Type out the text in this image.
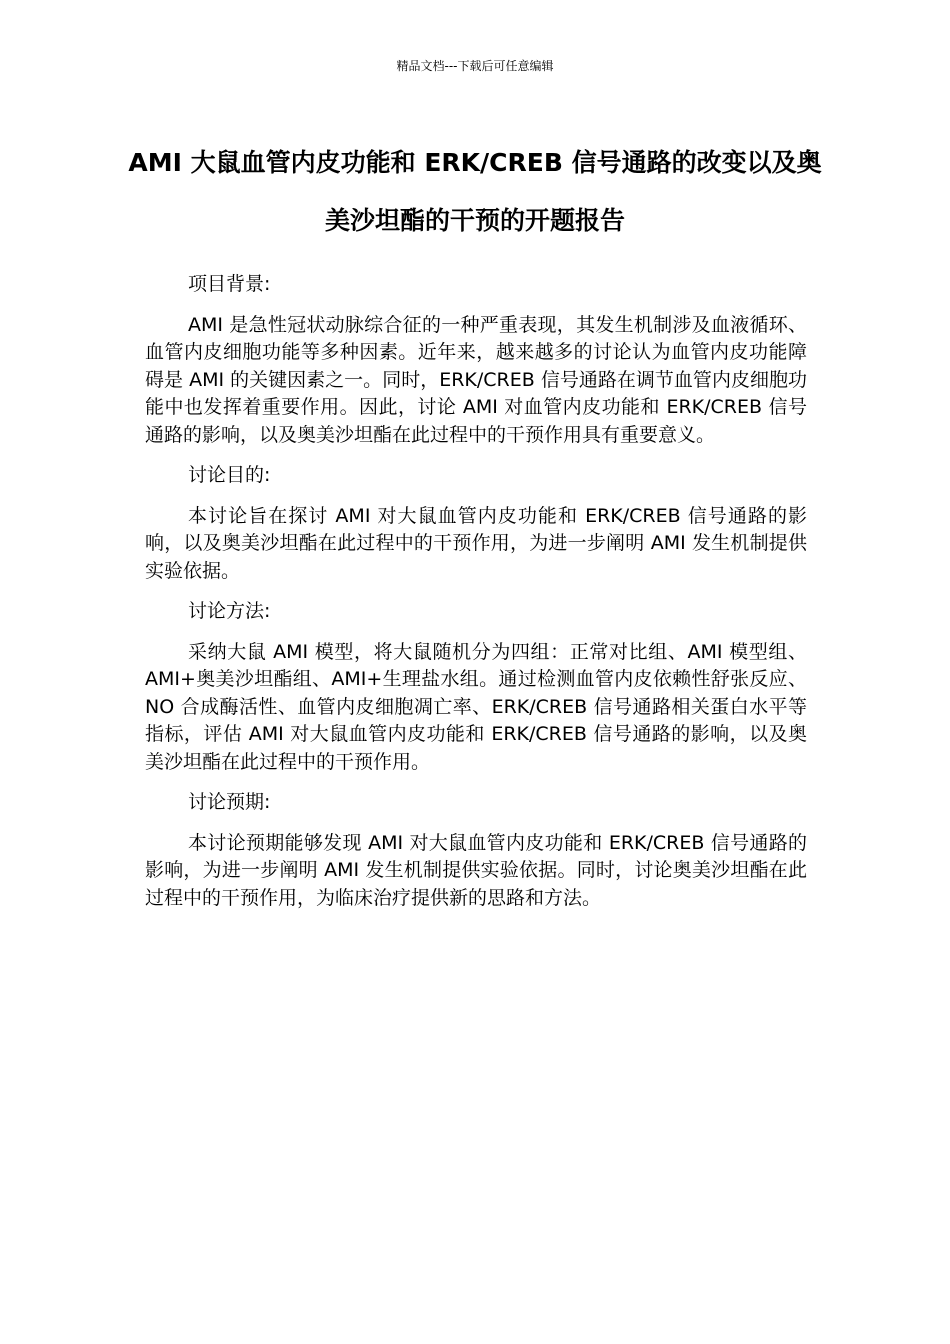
精品文档---下载后可任意编辑
AMI 大鼠血管内皮功能和 ERK/CREB 信号通路的改变以及奥美沙坦酯的干预的开题报告

项目背景:

AMI 是急性冠状动脉综合征的一种严重表现，其发生机制涉及血液循环、血管内皮细胞功能等多种因素。近年来，越来越多的讨论认为血管内皮功能障碍是 AMI 的关键因素之一。同时，ERK/CREB 信号通路在调节血管内皮细胞功能中也发挥着重要作用。因此，讨论 AMI 对血管内皮功能和 ERK/CREB 信号通路的影响，以及奥美沙坦酯在此过程中的干预作用具有重要意义。

讨论目的:

本讨论旨在探讨 AMI 对大鼠血管内皮功能和 ERK/CREB 信号通路的影响，以及奥美沙坦酯在此过程中的干预作用，为进一步阐明 AMI 发生机制提供实验依据。

讨论方法:

采纳大鼠 AMI 模型，将大鼠随机分为四组：正常对比组、AMI 模型组、AMI+奥美沙坦酯组、AMI+生理盐水组。通过检测血管内皮依赖性舒张反应、NO 合成酶活性、血管内皮细胞凋亡率、ERK/CREB 信号通路相关蛋白水平等指标，评估 AMI 对大鼠血管内皮功能和 ERK/CREB 信号通路的影响，以及奥美沙坦酯在此过程中的干预作用。

讨论预期:

本讨论预期能够发现 AMI 对大鼠血管内皮功能和 ERK/CREB 信号通路的影响，为进一步阐明 AMI 发生机制提供实验依据。同时，讨论奥美沙坦酯在此过程中的干预作用，为临床治疗提供新的思路和方法。
